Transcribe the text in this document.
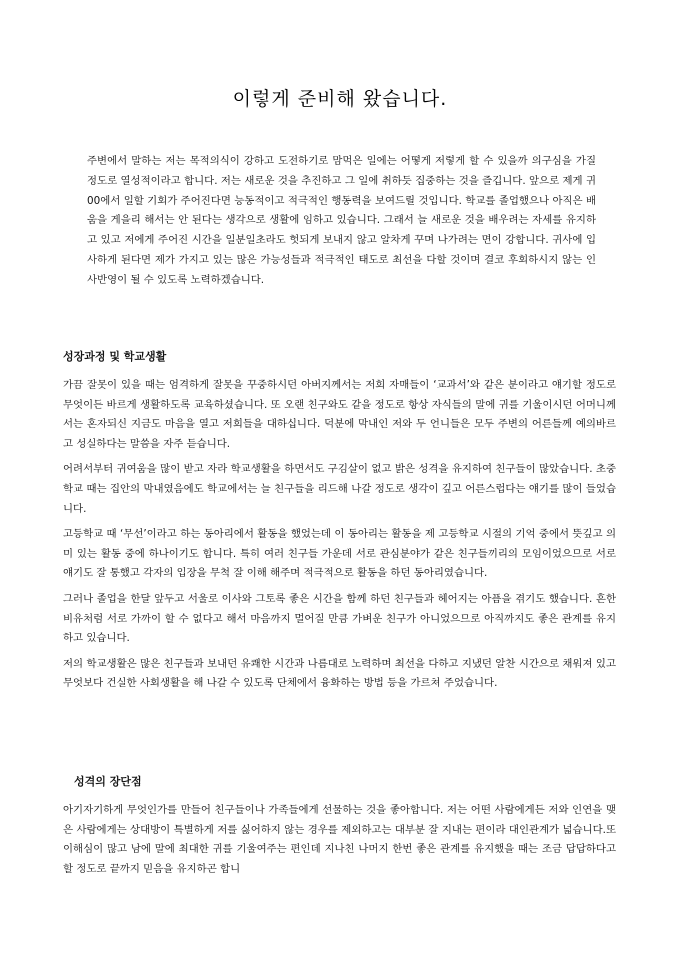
이렇게 준비해 왔습니다.

주변에서 말하는 저는 목적의식이 강하고 도전하기로 맘먹은 일에는 어떻게 저렇게 할 수 있을까 의구심을 가질 정도로 열성적이라고 합니다. 저는 새로운 것을 추진하고 그 일에 취하듯 집중하는 것을 즐깁니다. 앞으로 제게 귀00에서 일할 기회가 주어진다면 능동적이고 적극적인 행동력을 보여드릴 것입니다. 학교를 졸업했으나 아직은 배움을 게을리 해서는 안 된다는 생각으로 생활에 임하고 있습니다. 그래서 늘 새로운 것을 배우려는 자세를 유지하고 있고 저에게 주어진 시간을 일분일초라도 헛되게 보내지 않고 알차게 꾸며 나가려는 면이 강합니다. 귀사에 입사하게 된다면 제가 가지고 있는 많은 가능성들과 적극적인 태도로 최선을 다할 것이며 결코 후회하시지 않는 인사반영이 될 수 있도록 노력하겠습니다.

성장과정 및 학교생활

가끔 잘못이 있을 때는 엄격하게 잘못을 꾸중하시던 아버지께서는 저희 자매들이 ‘교과서’와 같은 분이라고 얘기할 정도로 무엇이든 바르게 생활하도록 교육하셨습니다. 또 오랜 친구와도 같을 정도로 항상 자식들의 말에 귀를 기울이시던 어머니께서는 혼자되신 지금도 마음을 열고 저희들을 대하십니다. 덕분에 막내인 저와 두 언니들은 모두 주변의 어른들께 예의바르고 성실하다는 말씀을 자주 듣습니다.

어려서부터 귀여움을 많이 받고 자라 학교생활을 하면서도 구김살이 없고 밝은 성격을 유지하여 친구들이 많았습니다. 초중학교 때는 집안의 막내였음에도 학교에서는 늘 친구들을 리드해 나갈 정도로 생각이 깊고 어른스럽다는 얘기를 많이 들었습니다.

고등학교 때 ‘무선’이라고 하는 동아리에서 활동을 했었는데 이 동아리는 활동을 제 고등학교 시절의 기억 중에서 뜻깊고 의미 있는 활동 중에 하나이기도 합니다. 특히 여러 친구들 가운데 서로 관심분야가 같은 친구들끼리의 모임이었으므로 서로 얘기도 잘 통했고 각자의 입장을 무척 잘 이해 해주며 적극적으로 활동을 하던 동아리였습니다.

그러나 졸업을 한달 앞두고 서울로 이사와 그토록 좋은 시간을 함께 하던 친구들과 헤어지는 아픔을 겪기도 했습니다. 흔한 비유처럼 서로 가까이 할 수 없다고 해서 마음까지 멀어질 만큼 가벼운 친구가 아니었으므로 아직까지도 좋은 관계를 유지하고 있습니다.

저의 학교생활은 많은 친구들과 보내던 유쾌한 시간과 나름대로 노력하며 최선을 다하고 지냈던 알찬 시간으로 채워져 있고 무엇보다 건실한 사회생활을 해 나갈 수 있도록 단체에서 융화하는 방법 등을 가르쳐 주었습니다.

성격의 장단점

아기자기하게 무엇인가를 만들어 친구들이나 가족들에게 선물하는 것을 좋아합니다. 저는 어떤 사람에게든 저와 인연을 맺은 사람에게는 상대방이 특별하게 저를 싫어하지 않는 경우를 제외하고는 대부분 잘 지내는 편이라 대인관계가 넓습니다.또 이해심이 많고 남에 말에 최대한 귀를 기울여주는 편인데 지나친 나머지 한번 좋은 관계를 유지했을 때는 조금 답답하다고 할 정도로 끝까지 믿음을 유지하곤 합니
